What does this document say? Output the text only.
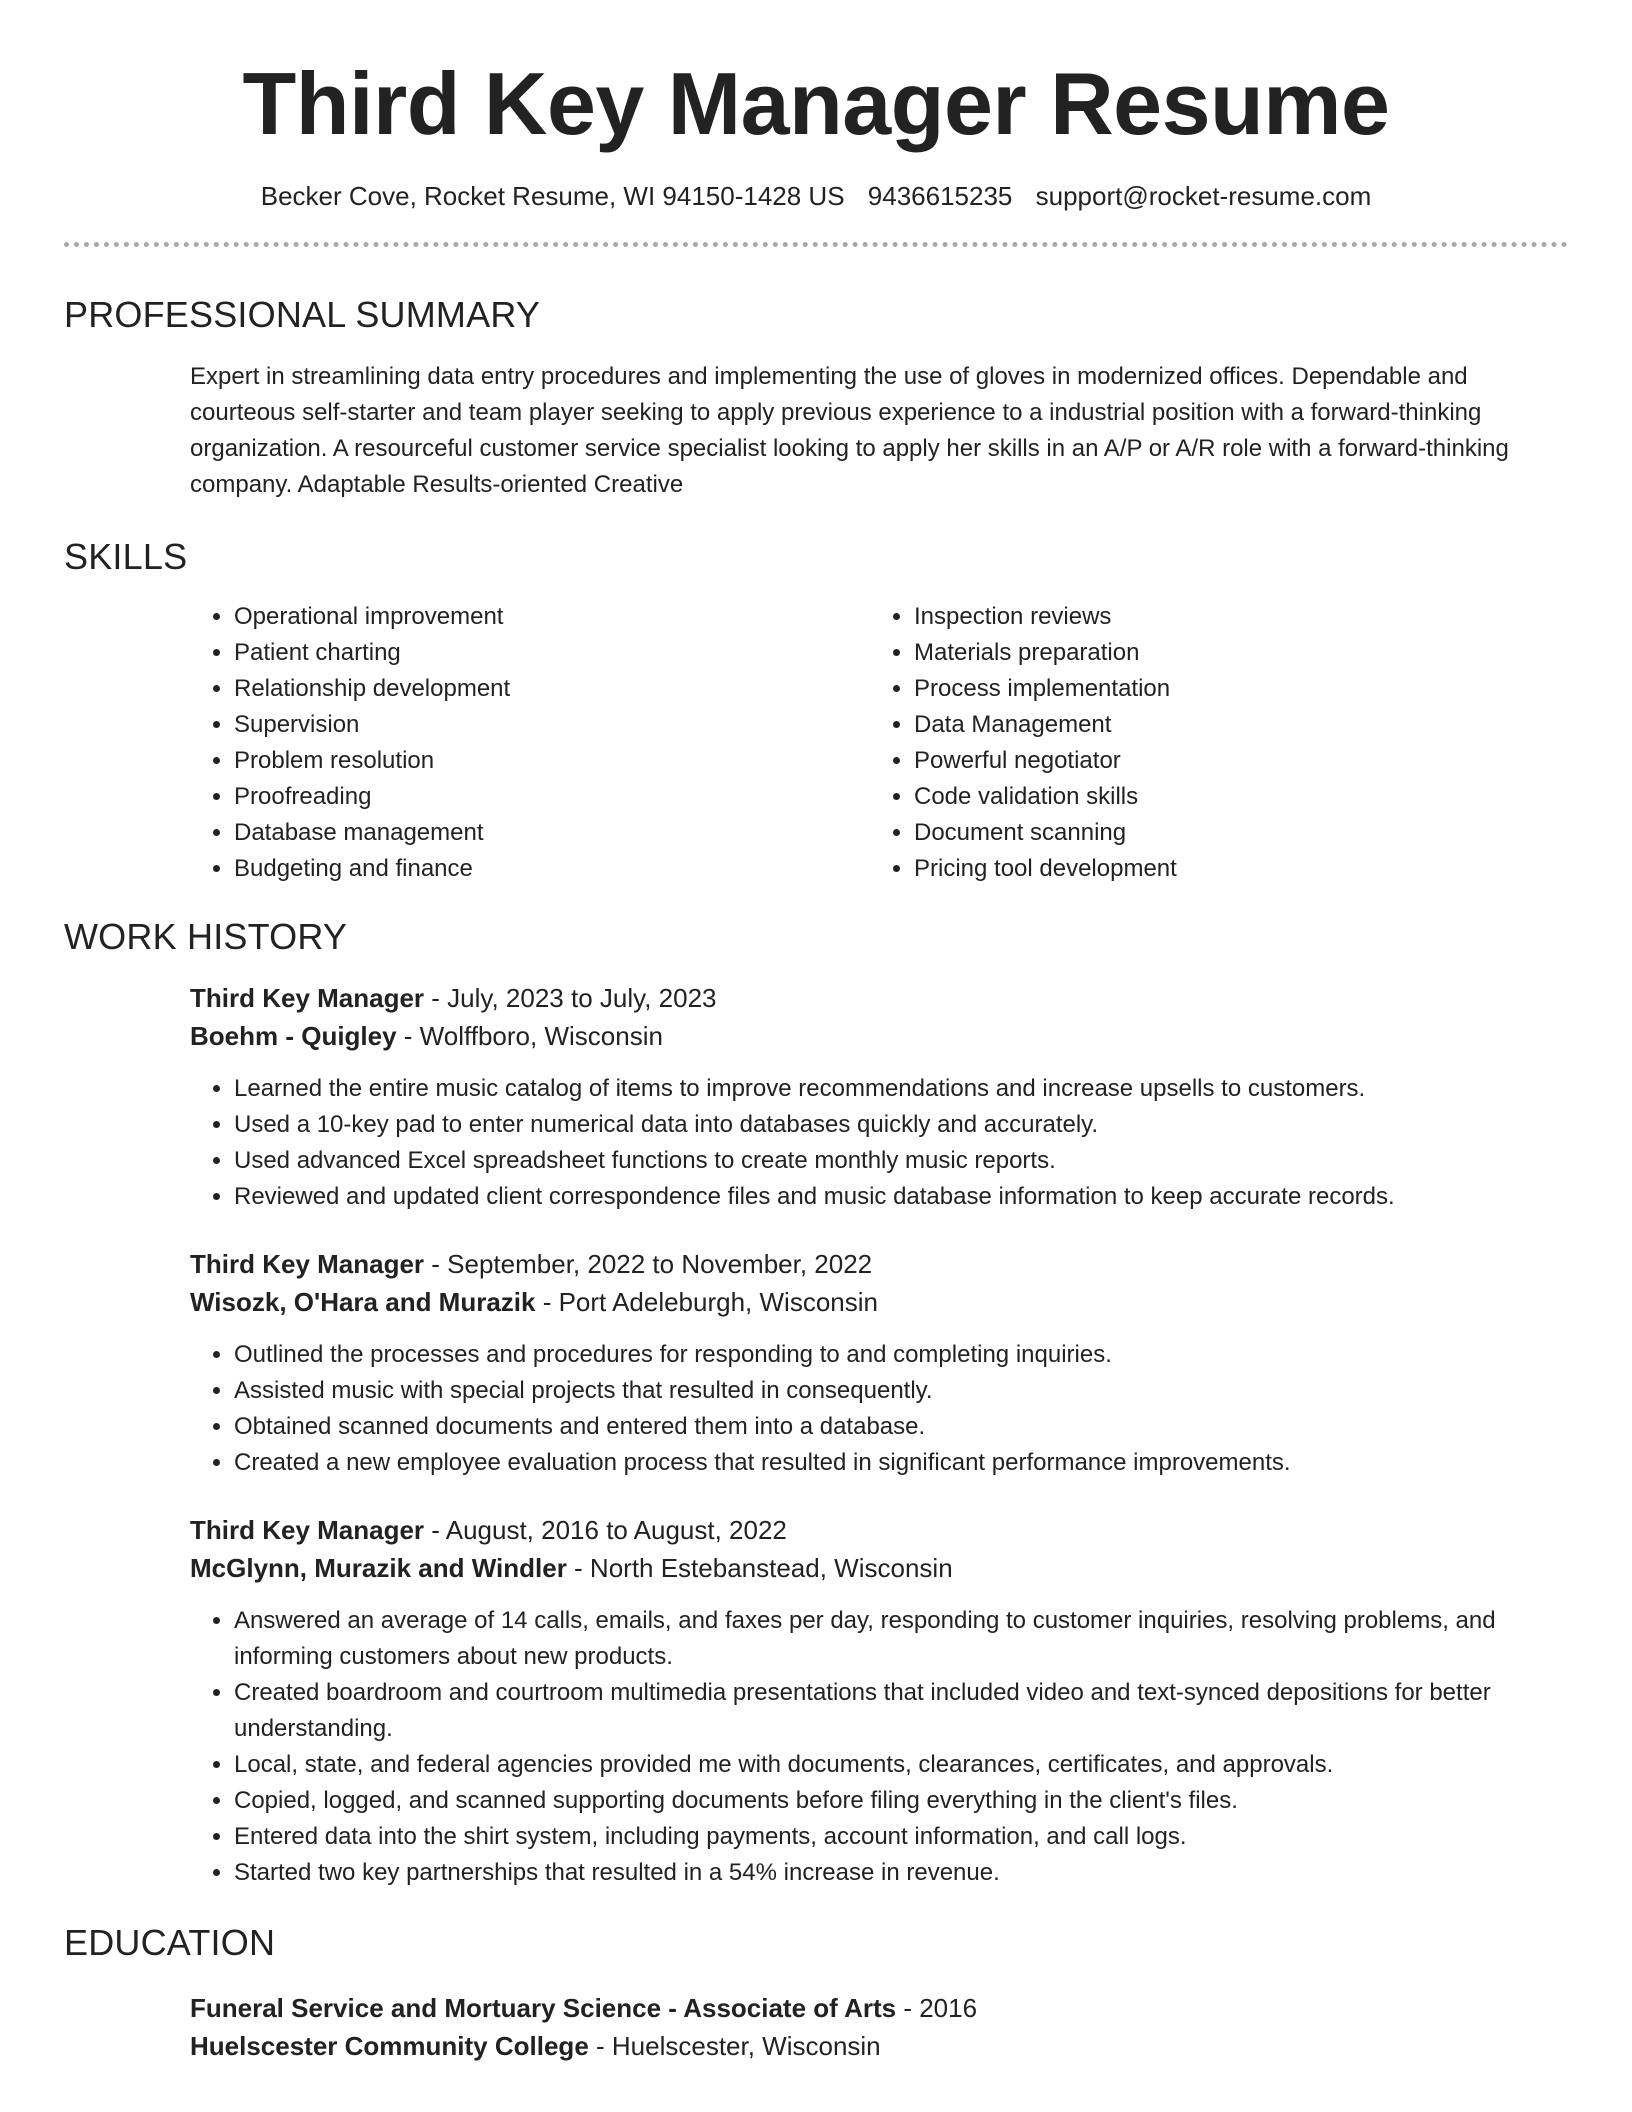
Third Key Manager Resume
Becker Cove, Rocket Resume, WI 94150-1428 US 9436615235 support@rocket-resume.com
PROFESSIONAL SUMMARY

Expert in streamlining data entry procedures and implementing the use of gloves in modernized offices. Dependable and courteous self-starter and team player seeking to apply previous experience to a industrial position with a forward-thinking organization. A resourceful customer service specialist looking to apply her skills in an A/P or A/R role with a forward-thinking company. Adaptable Results-oriented Creative

SKILLS
• Operational improvement
• Patient charting
• Relationship development
• Supervision
• Problem resolution
• Proofreading
• Database management
• Budgeting and finance
• Inspection reviews
• Materials preparation
• Process implementation
• Data Management
• Powerful negotiator
• Code validation skills
• Document scanning
• Pricing tool development
WORK HISTORY
Third Key Manager - July, 2023 to July, 2023
Boehm - Quigley - Wolffboro, Wisconsin
• Learned the entire music catalog of items to improve recommendations and increase upsells to customers.
• Used a 10-key pad to enter numerical data into databases quickly and accurately.
• Used advanced Excel spreadsheet functions to create monthly music reports.
• Reviewed and updated client correspondence files and music database information to keep accurate records.
Third Key Manager - September, 2022 to November, 2022
Wisozk, O'Hara and Murazik - Port Adeleburgh, Wisconsin
• Outlined the processes and procedures for responding to and completing inquiries.
• Assisted music with special projects that resulted in consequently.
• Obtained scanned documents and entered them into a database.
• Created a new employee evaluation process that resulted in significant performance improvements.
Third Key Manager - August, 2016 to August, 2022
McGlynn, Murazik and Windler - North Estebanstead, Wisconsin
• Answered an average of 14 calls, emails, and faxes per day, responding to customer inquiries, resolving problems, and informing customers about new products.
• Created boardroom and courtroom multimedia presentations that included video and text-synced depositions for better understanding.
• Local, state, and federal agencies provided me with documents, clearances, certificates, and approvals.
• Copied, logged, and scanned supporting documents before filing everything in the client's files.
• Entered data into the shirt system, including payments, account information, and call logs.
• Started two key partnerships that resulted in a 54% increase in revenue.
EDUCATION
Funeral Service and Mortuary Science - Associate of Arts - 2016
Huelscester Community College - Huelscester, Wisconsin
